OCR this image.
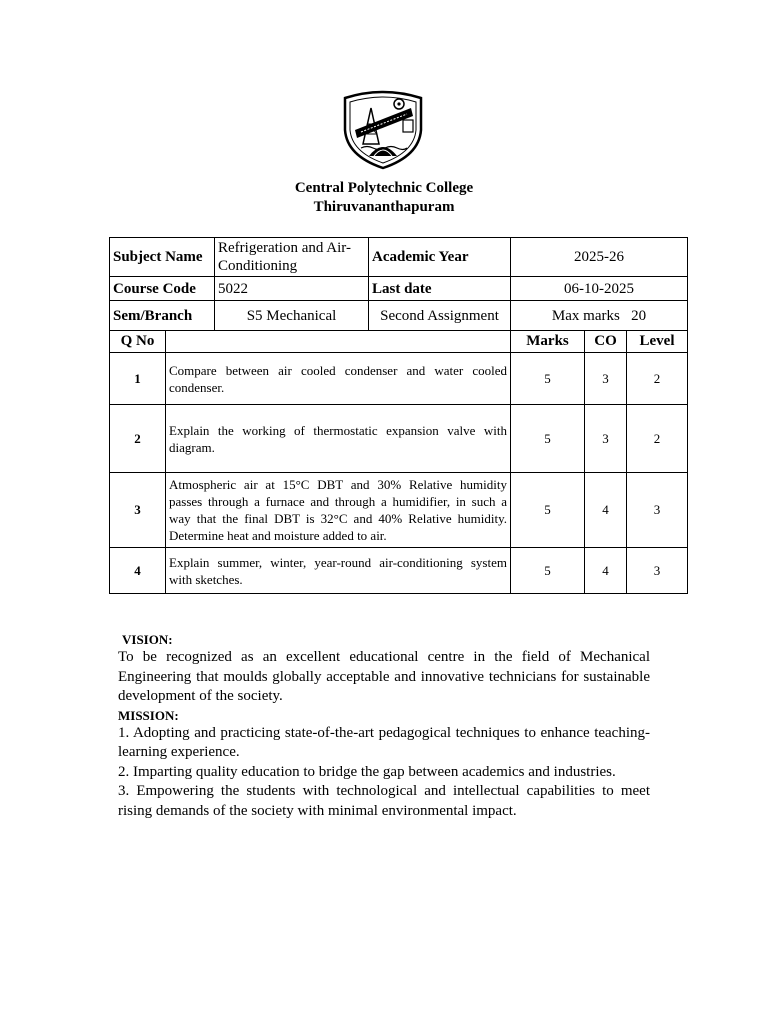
Central Polytechnic College
Thiruvananthapuram
Subject Name	Refrigeration and Air-Conditioning	Academic Year	2025-26
Course Code	5022	Last date	06-10-2025
Sem/Branch	S5 Mechanical	Second Assignment	Max marks   20
Q No		Marks	CO	Level
1	Compare between air cooled condenser and water cooled condenser.	5	3	2
2	Explain the working of thermostatic expansion valve with diagram.	5	3	2
3	Atmospheric air at 15°C DBT and 30% Relative humidity passes through a furnace and through a humidifier, in such a way that the final DBT is 32°C and 40% Relative humidity. Determine heat and moisture added to air.	5	4	3
4	Explain summer, winter, year-round air-conditioning system with sketches.	5	4	3
VISION:

To be recognized as an excellent educational centre in the field of Mechanical Engineering that moulds globally acceptable and innovative technicians for sustainable development of the society.

MISSION:

1. Adopting and practicing state-of-the-art pedagogical techniques to enhance teaching-learning experience.

2. Imparting quality education to bridge the gap between academics and industries.

3. Empowering the students with technological and intellectual capabilities to meet rising demands of the society with minimal environmental impact.
